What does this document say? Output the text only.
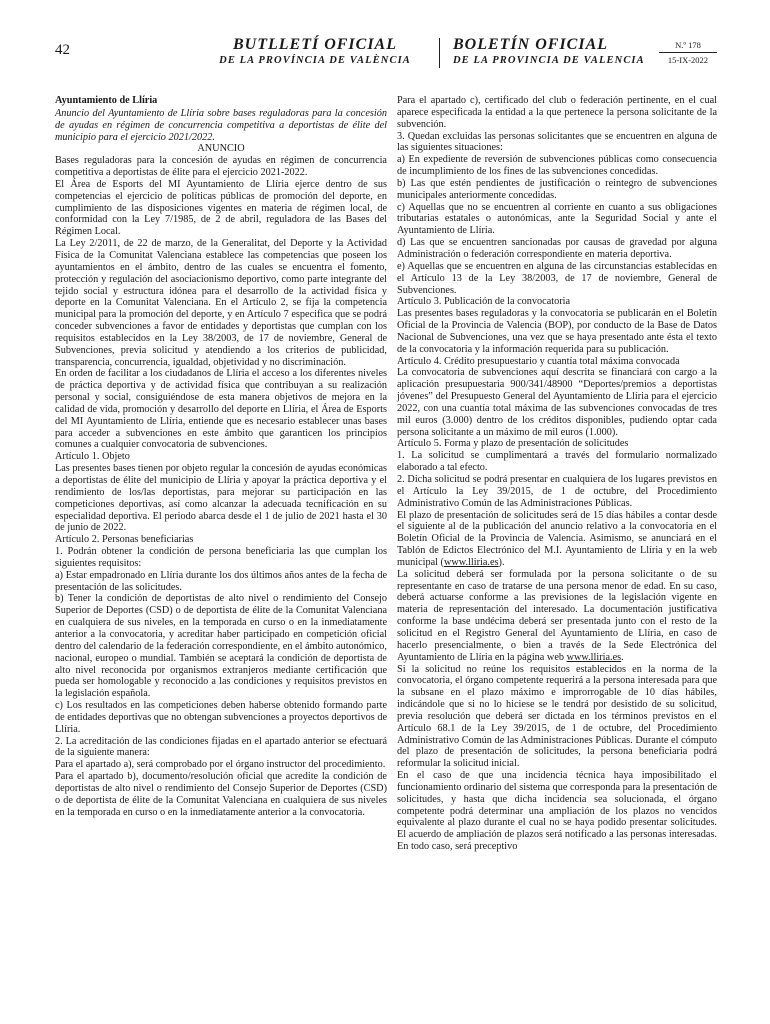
42	BUTLLETÍ OFICIAL
DE LA PROVÍNCIA DE VALÈNCIA
BOLETÍN OFICIAL
DE LA PROVINCIA DE VALENCIA
N.º 178
15-IX-2022

Ayuntamiento de Llíria

Anuncio del Ayuntamiento de Llíria sobre bases reguladoras para la concesión de ayudas en régimen de concurrencia competitiva a deportistas de élite del municipio para el ejercicio 2021/2022.

ANUNCIO

Bases reguladoras para la concesión de ayudas en régimen de concurrencia competitiva a deportistas de élite para el ejercicio 2021-2022.

El Área de Esports del MI Ayuntamiento de Llíria ejerce dentro de sus competencias el ejercicio de políticas públicas de promoción del deporte, en cumplimiento de las disposiciones vigentes en materia de régimen local, de conformidad con la Ley 7/1985, de 2 de abril, reguladora de las Bases del Régimen Local.

La Ley 2/2011, de 22 de marzo, de la Generalitat, del Deporte y la Actividad Física de la Comunitat Valenciana establece las competencias que poseen los ayuntamientos en el ámbito, dentro de las cuales se encuentra el fomento, protección y regulación del asociacionismo deportivo, como parte integrante del tejido social y estructura idónea para el desarrollo de la actividad física y deporte en la Comunitat Valenciana. En el Artículo 2, se fija la competencia municipal para la promoción del deporte, y en Artículo 7 especifica que se podrá conceder subvenciones a favor de entidades y deportistas que cumplan con los requisitos establecidos en la Ley 38/2003, de 17 de noviembre, General de Subvenciones, previa solicitud y atendiendo a los criterios de publicidad, transparencia, concurrencia, igualdad, objetividad y no discriminación.

En orden de facilitar a los ciudadanos de Llíria el acceso a los diferentes niveles de práctica deportiva y de actividad física que contribuyan a su realización personal y social, consiguiéndose de esta manera objetivos de mejora en la calidad de vida, promoción y desarrollo del deporte en Llíria, el Área de Esports del MI Ayuntamiento de Llíria, entiende que es necesario establecer unas bases para acceder a subvenciones en este ámbito que garanticen los principios comunes a cualquier convocatoria de subvenciones.

Artículo 1. Objeto

Las presentes bases tienen por objeto regular la concesión de ayudas económicas a deportistas de élite del municipio de Llíria y apoyar la práctica deportiva y el rendimiento de los/las deportistas, para mejorar su participación en las competiciones deportivas, así como alcanzar la adecuada tecnificación en su especialidad deportiva. El periodo abarca desde el 1 de julio de 2021 hasta el 30 de junio de 2022.

Artículo 2. Personas beneficiarias

1. Podrán obtener la condición de persona beneficiaria las que cumplan los siguientes requisitos:

a) Estar empadronado en Llíria durante los dos últimos años antes de la fecha de presentación de las solicitudes.

b) Tener la condición de deportistas de alto nivel o rendimiento del Consejo Superior de Deportes (CSD) o de deportista de élite de la Comunitat Valenciana en cualquiera de sus niveles, en la temporada en curso o en la inmediatamente anterior a la convocatoria, y acreditar haber participado en competición oficial dentro del calendario de la federación correspondiente, en el ámbito autonómico, nacional, europeo o mundial. También se aceptará la condición de deportista de alto nivel reconocida por organismos extranjeros mediante certificación que pueda ser homologable y reconocido a las condiciones y requisitos previstos en la legislación española.

c) Los resultados en las competiciones deben haberse obtenido formando parte de entidades deportivas que no obtengan subvenciones a proyectos deportivos de Llíria.

2. La acreditación de las condiciones fijadas en el apartado anterior se efectuará de la siguiente manera:

Para el apartado a), será comprobado por el órgano instructor del procedimiento.

Para el apartado b), documento/resolución oficial que acredite la condición de deportistas de alto nivel o rendimiento del Consejo Superior de Deportes (CSD) o de deportista de élite de la Comunitat Valenciana en cualquiera de sus niveles en la temporada en curso o en la inmediatamente anterior a la convocatoria.

Para el apartado c), certificado del club o federación pertinente, en el cual aparece especificada la entidad a la que pertenece la persona solicitante de la subvención.

3. Quedan excluidas las personas solicitantes que se encuentren en alguna de las siguientes situaciones:

a) En expediente de reversión de subvenciones públicas como consecuencia de incumplimiento de los fines de las subvenciones concedidas.

b) Las que estén pendientes de justificación o reintegro de subvenciones municipales anteriormente concedidas.

c) Aquellas que no se encuentren al corriente en cuanto a sus obligaciones tributarias estatales o autonómicas, ante la Seguridad Social y ante el Ayuntamiento de Llíria.

d) Las que se encuentren sancionadas por causas de gravedad por alguna Administración o federación correspondiente en materia deportiva.

e) Aquellas que se encuentren en alguna de las circunstancias establecidas en el Artículo 13 de la Ley 38/2003, de 17 de noviembre, General de Subvenciones.

Artículo 3. Publicación de la convocatoria

Las presentes bases reguladoras y la convocatoria se publicarán en el Boletín Oficial de la Provincia de Valencia (BOP), por conducto de la Base de Datos Nacional de Subvenciones, una vez que se haya presentado ante ésta el texto de la convocatoria y la información requerida para su publicación.

Artículo 4. Crédito presupuestario y cuantía total máxima convocada

La convocatoria de subvenciones aquí descrita se financiará con cargo a la aplicación presupuestaria 900/341/48900 “Deportes/premios a deportistas jóvenes” del Presupuesto General del Ayuntamiento de Llíria para el ejercicio 2022, con una cuantía total máxima de las subvenciones convocadas de tres mil euros (3.000) dentro de los créditos disponibles, pudiendo optar cada persona solicitante a un máximo de mil euros (1.000).

Artículo 5. Forma y plazo de presentación de solicitudes

1. La solicitud se cumplimentará a través del formulario normalizado elaborado a tal efecto.

2. Dicha solicitud se podrá presentar en cualquiera de los lugares previstos en el Artículo la Ley 39/2015, de 1 de octubre, del Procedimiento Administrativo Común de las Administraciones Públicas.

El plazo de presentación de solicitudes será de 15 días hábiles a contar desde el siguiente al de la publicación del anuncio relativo a la convocatoria en el Boletín Oficial de la Provincia de Valencia. Asimismo, se anunciará en el Tablón de Edictos Electrónico del M.I. Ayuntamiento de Llíria y en la web municipal (www.lliria.es).

La solicitud deberá ser formulada por la persona solicitante o de su representante en caso de tratarse de una persona menor de edad. En su caso, deberá actuarse conforme a las previsiones de la legislación vigente en materia de representación del interesado. La documentación justificativa conforme la base undécima deberá ser presentada junto con el resto de la solicitud en el Registro General del Ayuntamiento de Llíria, en caso de hacerlo presencialmente, o bien a través de la Sede Electrónica del Ayuntamiento de Llíria en la página web www.lliria.es.

Si la solicitud no reúne los requisitos establecidos en la norma de la convocatoria, el órgano competente requerirá a la persona interesada para que la subsane en el plazo máximo e improrrogable de 10 días hábiles, indicándole que si no lo hiciese se le tendrá por desistido de su solicitud, previa resolución que deberá ser dictada en los términos previstos en el Artículo 68.1 de la Ley 39/2015, de 1 de octubre, del Procedimiento Administrativo Común de las Administraciones Públicas. Durante el cómputo del plazo de presentación de solicitudes, la persona beneficiaria podrá reformular la solicitud inicial.

En el caso de que una incidencia técnica haya imposibilitado el funcionamiento ordinario del sistema que corresponda para la presentación de solicitudes, y hasta que dicha incidencia sea solucionada, el órgano competente podrá determinar una ampliación de los plazos no vencidos equivalente al plazo durante el cual no se haya podido presentar solicitudes. El acuerdo de ampliación de plazos será notificado a las personas interesadas. En todo caso, será preceptivo
